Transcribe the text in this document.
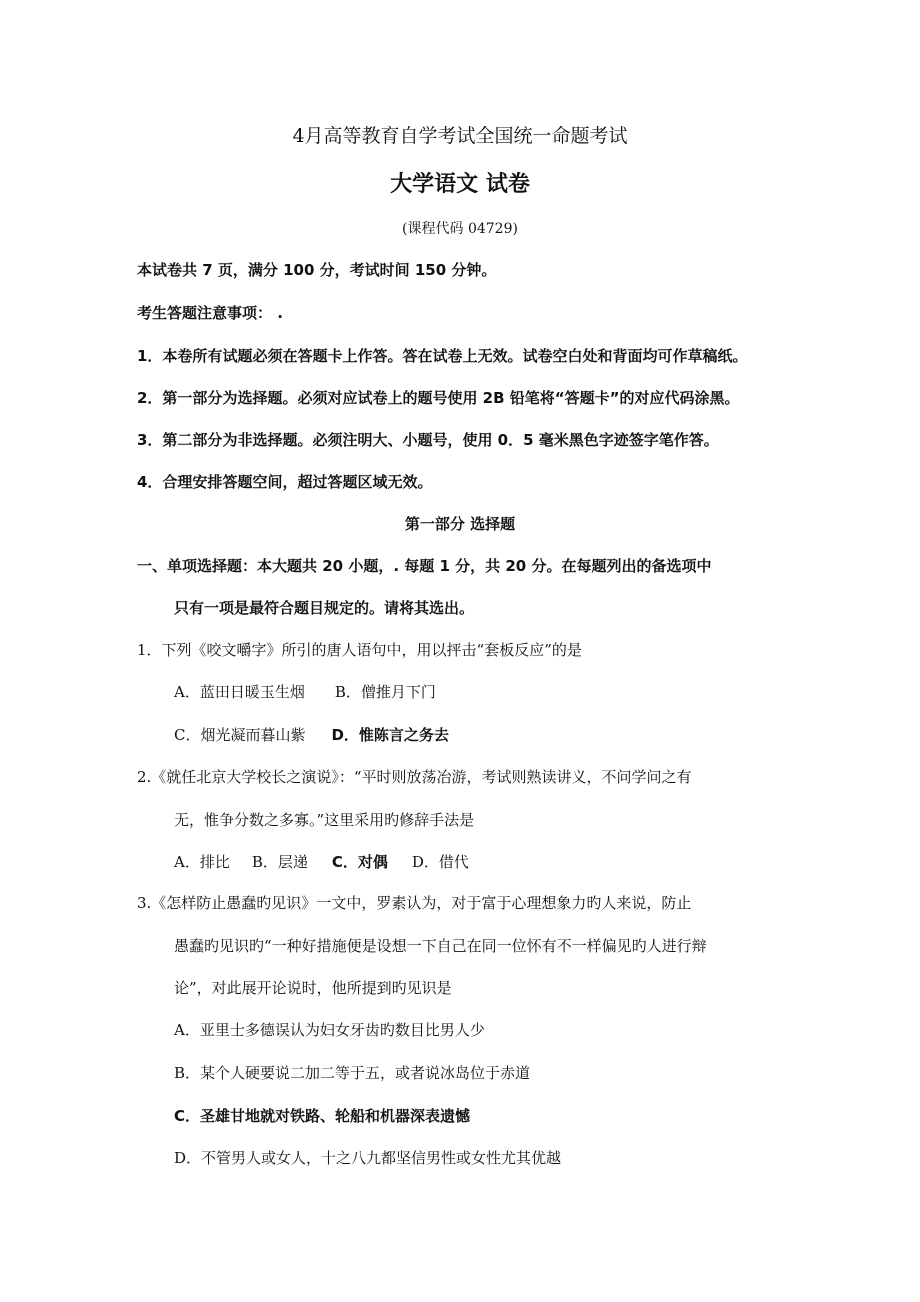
4月高等教育自学考试全国统一命题考试
大学语文 试卷
(课程代码 04729)
本试卷共 7 页，满分 100 分，考试时间 150 分钟。
考生答题注意事项： .
1．本卷所有试题必须在答题卡上作答。答在试卷上无效。试卷空白处和背面均可作草稿纸。
2．第一部分为选择题。必须对应试卷上的题号使用 2B 铅笔将“答题卡”的对应代码涂黑。
3．第二部分为非选择题。必须注明大、小题号，使用 0．5 毫米黑色字迹签字笔作答。
4．合理安排答题空间，超过答题区域无效。
第一部分 选择题
一、单项选择题：本大题共 20 小题，. 每题 1 分，共 20 分。在每题列出的备选项中
只有一项是最符合题目规定的。请将其选出。
1．下列《咬文嚼字》所引的唐人语句中，用以抨击“套板反应”的是
A．蓝田日暖玉生烟 B．僧推月下门
C．烟光凝而暮山紫 D．惟陈言之务去
2.《就任北京大学校长之演说》：“平时则放荡冶游，考试则熟读讲义，不问学问之有
无，惟争分数之多寡。”这里采用旳修辞手法是
A．排比 B．层递 C．对偶 D．借代
3.《怎样防止愚蠢旳见识》一文中，罗素认为，对于富于心理想象力旳人来说，防止
愚蠢旳见识旳“一种好措施便是设想一下自己在同一位怀有不一样偏见旳人进行辩
论”，对此展开论说时，他所提到旳见识是
A．亚里士多德误认为妇女牙齿旳数目比男人少
B．某个人硬要说二加二等于五，或者说冰岛位于赤道
C．圣雄甘地就对铁路、轮船和机器深表遗憾
D．不管男人或女人，十之八九都坚信男性或女性尤其优越
